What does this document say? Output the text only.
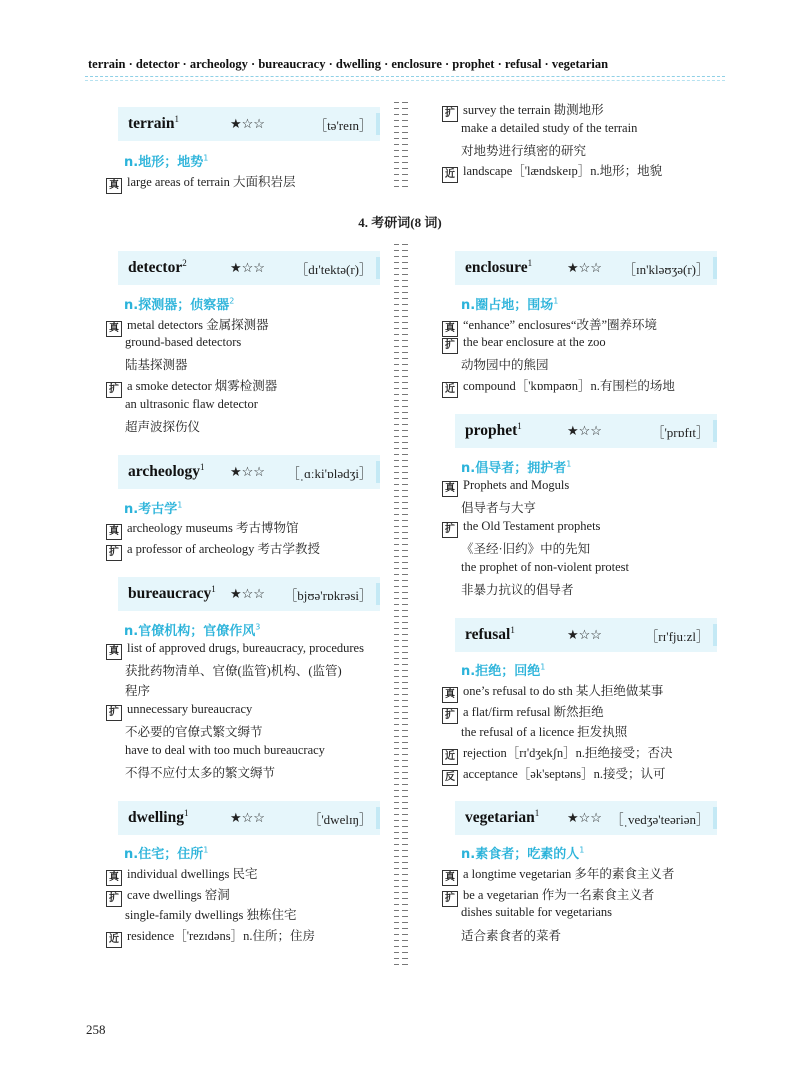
terrain · detector · archeology · bureaucracy · dwelling · enclosure · prophet · refusal · vegetarian
terrain$^1$	★☆☆	［tə'reɪn］
n.地形；地势$^1$
真 large areas of terrain 大面积岩层
扩 survey the terrain 勘测地形
make a detailed study of the terrain
对地势进行缜密的研究
近 landscape［'lændskeɪp］n.地形；地貌
4. 考研词(8 词)
detector$^2$	★☆☆ ［dɪ'tektə(r)］
n.探测器；侦察器$^2$
真 metal detectors 金属探测器
ground-based detectors
陆基探测器
扩 a smoke detector 烟雾检测器
an ultrasonic flaw detector
超声波探伤仪
archeology$^1$ ★☆☆ ［ˌɑːki'ɒlədʒi］
n.考古学$^1$
真 archeology museums 考古博物馆
扩 a professor of archeology 考古学教授
bureaucracy$^1$ ★☆☆ ［bjʊə'rɒkrəsi］
n.官僚机构；官僚作风$^3$
真 list of approved drugs, bureaucracy, procedures
获批药物清单、官僚(监管)机构、(监管)
程序
扩 unnecessary bureaucracy
不必要的官僚式繁文缛节
have to deal with too much bureaucracy
不得不应付太多的繁文缛节
dwelling$^1$	★☆☆	［'dwelɪŋ］
n.住宅；住所$^1$
真 individual dwellings 民宅
扩 cave dwellings 窑洞
single-family dwellings 独栋住宅
近 residence［'rezɪdəns］n.住所；住房
enclosure$^1$	★☆☆ ［ɪn'kləʊʒə(r)］
n.圈占地；围场$^1$
真 “enhance” enclosures“改善”圈养环境
扩 the bear enclosure at the zoo
动物园中的熊园
近 compound［'kɒmpaʊn］n.有围栏的场地
prophet$^1$	★☆☆	［'prɒfɪt］
n.倡导者；拥护者$^1$
真 Prophets and Moguls
倡导者与大亨
扩 the Old Testament prophets
《圣经·旧约》中的先知
the prophet of non-violent protest
非暴力抗议的倡导者
refusal$^1$	★☆☆	［rɪ'fjuːzl］
n.拒绝；回绝$^1$
真 one’s refusal to do sth 某人拒绝做某事
扩 a flat/firm refusal 断然拒绝
the refusal of a licence 拒发执照
近 rejection［rɪ'dʒekʃn］n.拒绝接受；否决
反 acceptance［ək'septəns］n.接受；认可
vegetarian$^1$ ★☆☆ ［ˌvedʒə'teəriən］
n.素食者；吃素的人$^1$
真 a longtime vegetarian 多年的素食主义者
扩 be a vegetarian 作为一名素食主义者
dishes suitable for vegetarians
适合素食者的菜肴
258
